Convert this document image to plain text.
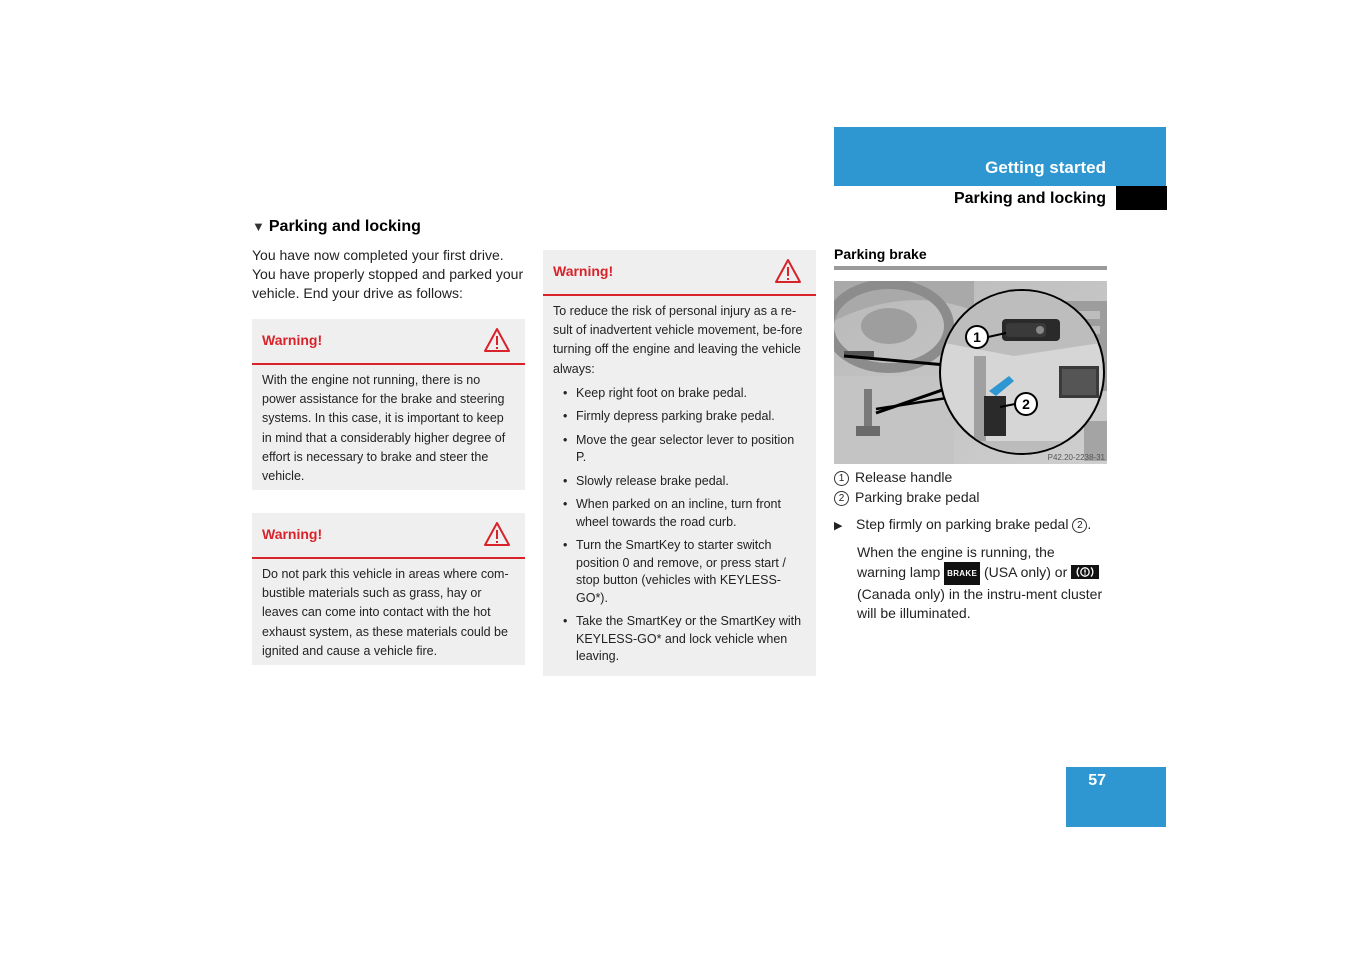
Getting started
Parking and locking
▼ Parking and locking
You have now completed your first drive. You have properly stopped and parked your vehicle. End your drive as follows:
Warning!
With the engine not running, there is no power assistance for the brake and steering systems. In this case, it is important to keep in mind that a considerably higher degree of effort is necessary to brake and steer the vehicle.
Warning!
Do not park this vehicle in areas where com-bustible materials such as grass, hay or leaves can come into contact with the hot exhaust system, as these materials could be ignited and cause a vehicle fire.
Warning!
To reduce the risk of personal injury as a re-sult of inadvertent vehicle movement, be-fore turning off the engine and leaving the vehicle always:
• Keep right foot on brake pedal.
• Firmly depress parking brake pedal.
• Move the gear selector lever to position P.
• Slowly release brake pedal.
• When parked on an incline, turn front wheel towards the road curb.
• Turn the SmartKey to starter switch position 0 and remove, or press start / stop button (vehicles with KEYLESS-GO*).
• Take the SmartKey or the SmartKey with KEYLESS-GO* and lock vehicle when leaving.
Parking brake
1
2
P42.20-2238-31
1 Release handle
2 Parking brake pedal
▶ Step firmly on parking brake pedal 2 .
When the engine is running, the warning lamp BRAKE (USA only) or
(Canada only) in the instru-ment cluster will be illuminated.
57
